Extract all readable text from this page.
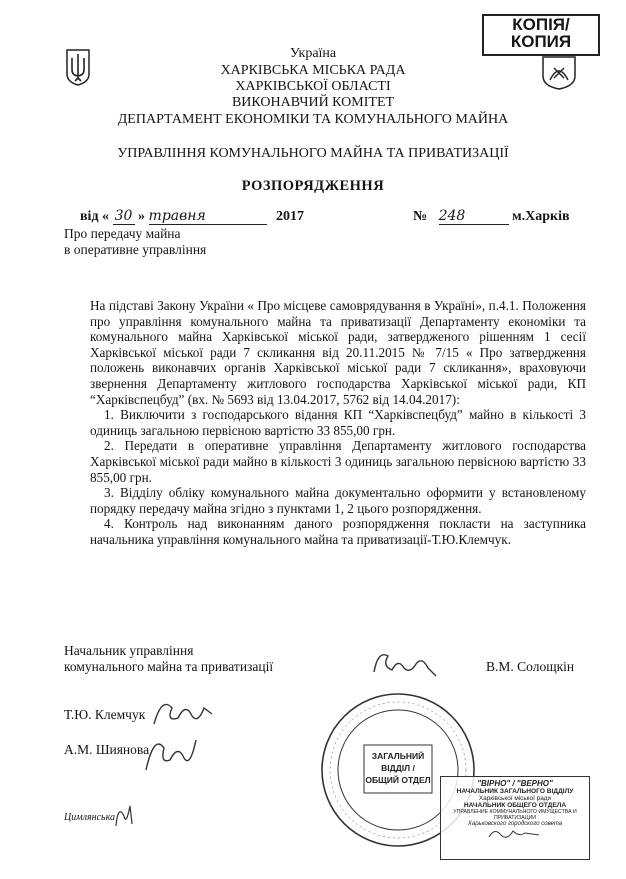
КОПІЯ/
КОПИЯ
Україна
ХАРКІВСЬКА МІСЬКА РАДА
ХАРКІВСЬКОЇ ОБЛАСТІ
ВИКОНАВЧИЙ КОМІТЕТ
ДЕПАРТАМЕНТ ЕКОНОМІКИ ТА КОМУНАЛЬНОГО МАЙНА
УПРАВЛІННЯ КОМУНАЛЬНОГО МАЙНА ТА ПРИВАТИЗАЦІЇ
РОЗПОРЯДЖЕННЯ
від « 30 » травня	2017	№ 248	м.Харків
Про передачу майна
в оперативне управління

На підставі Закону України « Про місцеве самоврядування в Україні», п.4.1. Положення про управління комунального майна та приватизації Департаменту економіки та комунального майна Харківської міської ради, затвердженого рішенням 1 сесії Харківської міської ради 7 скликання від 20.11.2015 № 7/15 « Про затвердження положень виконавчих органів Харківської міської ради 7 скликання», враховуючи звернення Департаменту житлового господарства Харківської міської ради, КП “Харківспецбуд” (вх. № 5693 від 13.04.2017, 5762 від 14.04.2017):

1. Виключити з господарського відання КП “Харківспецбуд” майно в кількості 3 одиниць загальною первісною вартістю 33 855,00 грн.

2. Передати в оперативне управління Департаменту житлового господарства Харківської міської ради майно в кількості 3 одиниць загальною первісною вартістю 33 855,00 грн.

3. Відділу обліку комунального майна документально оформити у встановленому порядку передачу майна згідно з пунктами 1, 2 цього розпорядження.

4. Контроль над виконанням даного розпорядження покласти на заступника начальника управління комунального майна та приватизації-Т.Ю.Клемчук.

Начальник управління
комунального майна та приватизації	В.М. Солощкін
Т.Ю. Клемчук
А.М. Шиянова
Цимлянська
ЗАГАЛЬНИЙ
ВІДДІЛ /
ОБЩИЙ ОТДЕЛ	"ВІРНО" / "ВЕРНО"
НАЧАЛЬНИК ЗАГАЛЬНОГО ВІДДІЛУ
Харківської міської ради
НАЧАЛЬНИК ОБЩЕГО ОТДЕЛА
УПРАВЛЕНИЕ КОММУНАЛЬНОГО ИМУЩЕСТВА И ПРИВАТИЗАЦИИ
Харьковского городского совета
